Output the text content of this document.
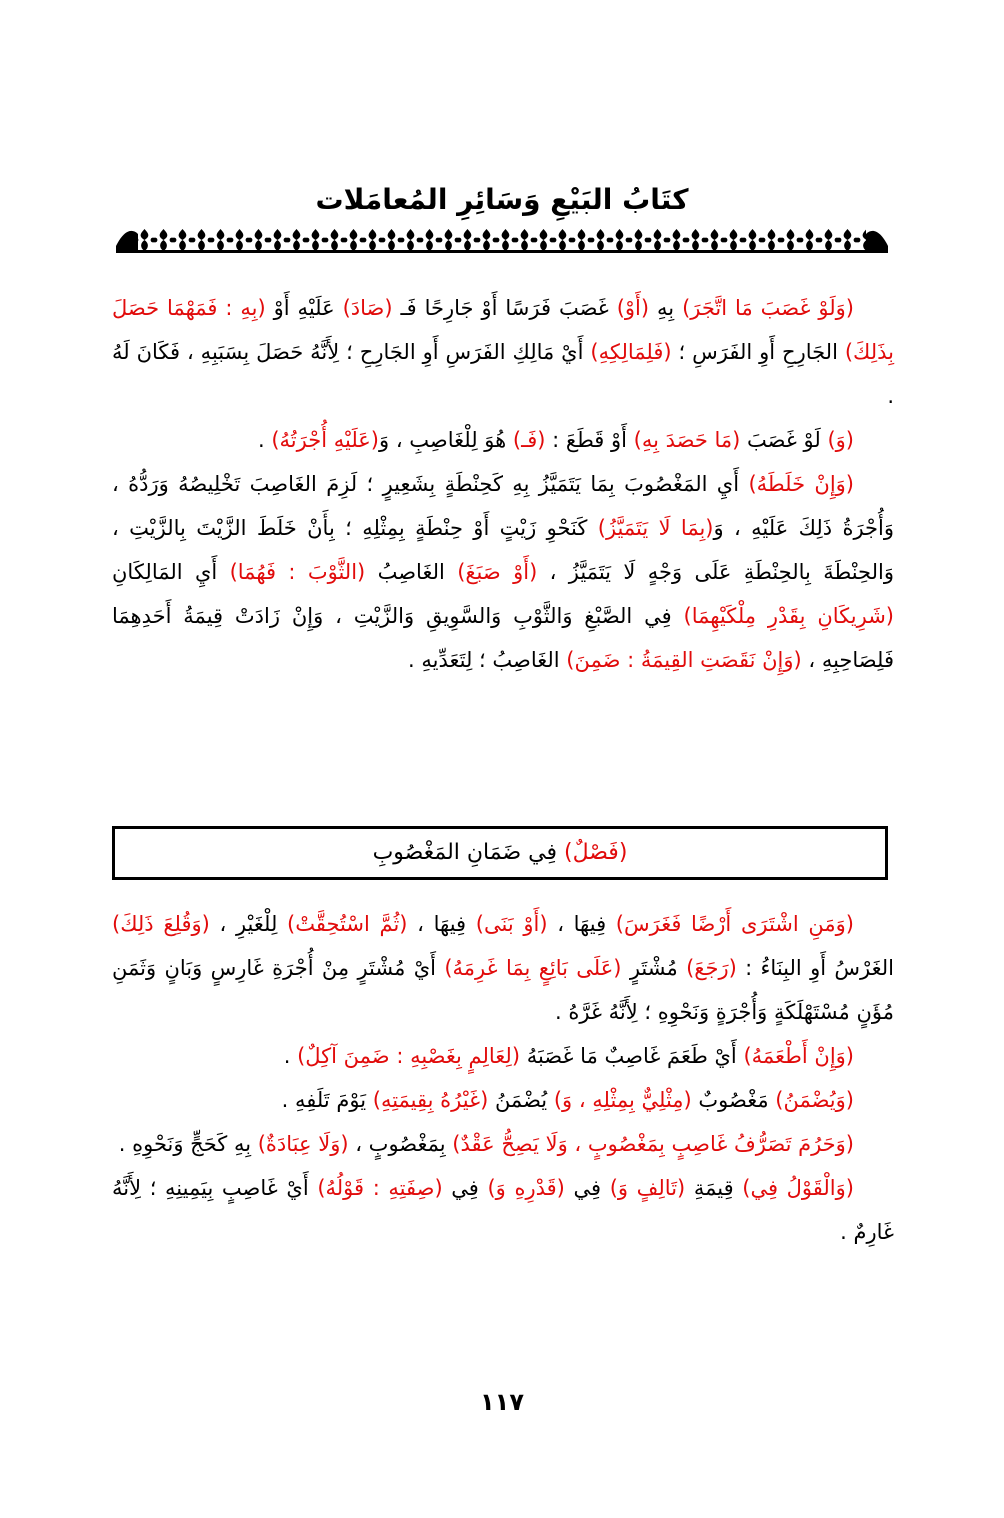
كتَابُ البَيْعِ وَسَائِرِ المُعامَلات

(وَلَوْ غَصَبَ مَا اتَّجَرَ) بِهِ (أَوْ) غَصَبَ فَرَسًا أَوْ جَارِحًا فَـ (صَادَ) عَلَيْهِ أَوْ (بِهِ : فَمَهْمَا حَصَلَ بِذَلِكَ) الجَارِحِ أَوِ الفَرَسِ ؛ (فَلِمَالِكِهِ) أَيْ مَالِكِ الفَرَسِ أَوِ الجَارِحِ ؛ لِأَنَّهُ حَصَلَ بِسَبَبِهِ ، فَكَانَ لَهُ .

(وَ) لَوْ غَصَبَ (مَا حَصَدَ بِهِ) أَوْ قَطَعَ : (فَـ) هُوَ لِلْغَاصِبِ ، وَ(عَلَيْهِ أُجْرَتُهُ) .

(وَإِنْ خَلَطَهُ) أَيِ المَغْصُوبَ بِمَا يَتَمَيَّزُ بِهِ كَحِنْطَةٍ بِشَعِيرٍ ؛ لَزِمَ الغَاصِبَ تَخْلِيصُهُ وَرَدُّهُ ، وَأُجْرَةُ ذَلِكَ عَلَيْهِ ، وَ(بِمَا لَا يَتَمَيَّزُ) كَنَحْوِ زَيْتٍ أَوْ حِنْطَةٍ بِمِثْلِهِ ؛ بِأَنْ خَلَطَ الزَّيْتَ بِالزَّيْتِ ، وَالحِنْطَةَ بِالحِنْطَةِ عَلَى وَجْهٍ لَا يَتَمَيَّزُ ، (أَوْ صَبَغَ) الغَاصِبُ (الثَّوْبَ : فَهُمَا) أَيِ المَالِكَانِ (شَرِيكَانِ بِقَدْرِ مِلْكَيْهِمَا) فِي الصَّبْغِ وَالثَّوْبِ وَالسَّوِيقِ وَالزَّيْتِ ، وَإِنْ زَادَتْ قِيمَةُ أَحَدِهِمَا فَلِصَاحِبِهِ ، (وَإِنْ نَقَصَتِ القِيمَةُ : ضَمِنَ) الغَاصِبُ ؛ لِتَعَدِّيهِ .

(فَصْلٌ) فِي ضَمَانِ المَغْصُوبِ

(وَمَنِ اشْتَرَى أَرْضًا فَغَرَسَ) فِيهَا ، (أَوْ بَنَى) فِيهَا ، (ثُمَّ اسْتُحِقَّتْ) لِلْغَيْرِ ، (وَقُلِعَ ذَلِكَ) الغَرْسُ أَوِ البِنَاءُ : (رَجَعَ) مُشْتَرٍ (عَلَى بَائِعٍ بِمَا غَرِمَهُ) أَيْ مُشْتَرٍ مِنْ أُجْرَةِ غَارِسٍ وَبَانٍ وَثَمَنِ مُؤَنٍ مُسْتَهْلَكَةٍ وَأُجْرَةٍ وَنَحْوِهِ ؛ لِأَنَّهُ غَرَّهُ .

(وَإِنْ أَطْعَمَهُ) أَيْ طَعَمَ غَاصِبٌ مَا غَصَبَهُ (لِعَالِمٍ بِغَصْبِهِ : ضَمِنَ آكِلٌ) .

(وَيُضْمَنُ) مَغْصُوبٌ (مِثْلِيٌّ بِمِثْلِهِ ، وَ) يُضْمَنُ (غَيْرُهُ بِقِيمَتِهِ) يَوْمَ تَلَفِهِ .

(وَحَرُمَ تَصَرُّفُ غَاصِبٍ بِمَغْصُوبٍ ، وَلَا يَصِحُّ عَقْدٌ) بِمَغْصُوبٍ ، (وَلَا عِبَادَةٌ) بِهِ كَحَجٍّ وَنَحْوِهِ .

(وَالْقَوْلُ فِي) قِيمَةِ (تَالِفٍ وَ) فِي (قَدْرِهِ وَ) فِي (صِفَتِهِ : قَوْلُهُ) أَيْ غَاصِبٍ بِيَمِينِهِ ؛ لِأَنَّهُ غَارِمٌ .

١١٧
